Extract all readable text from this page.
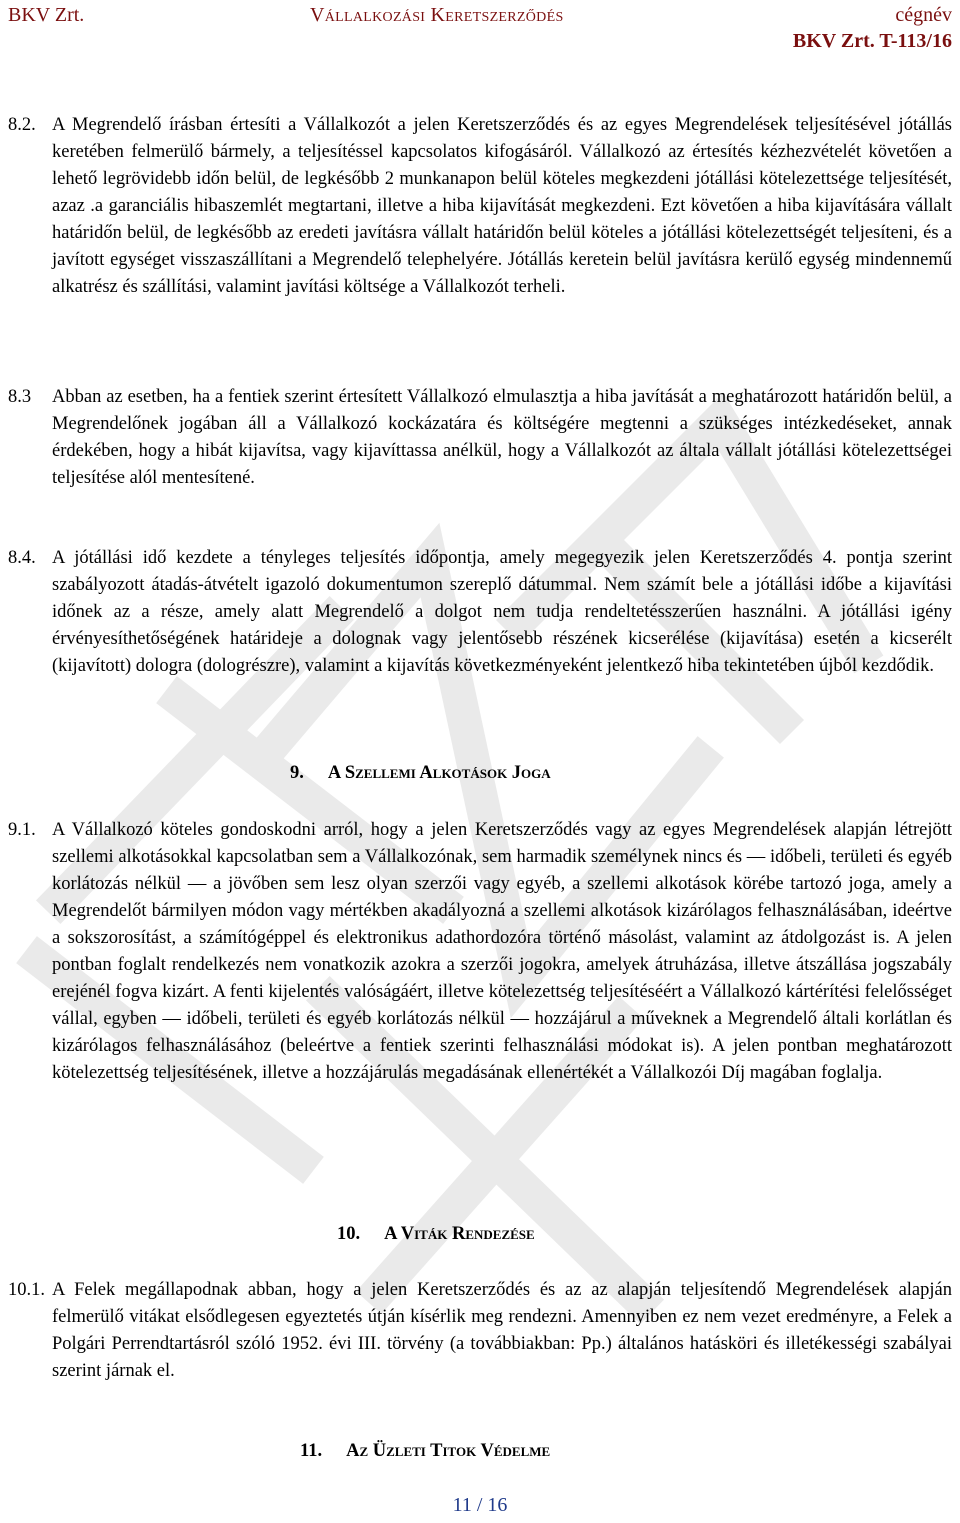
BKV Zrt.	Vállalkozási Keretszerződés	cégnév
BKV Zrt. T-113/16
8.2. A Megrendelő írásban értesíti a Vállalkozót a jelen Keretszerződés és az egyes Megrendelések teljesítésével jótállás keretében felmerülő bármely, a teljesítéssel kapcsolatos kifogásáról. Vállalkozó az értesítés kézhezvételét követően a lehető legrövidebb időn belül, de legkésőbb 2 munkanapon belül köteles megkezdeni jótállási kötelezettsége teljesítését, azaz .a garanciális hibaszemlét megtartani, illetve a hiba kijavítását megkezdeni. Ezt követően a hiba kijavítására vállalt határidőn belül, de legkésőbb az eredeti javításra vállalt határidőn belül köteles a jótállási kötelezettségét teljesíteni, és a javított egységet visszaszállítani a Megrendelő telephelyére. Jótállás keretein belül javításra kerülő egység mindennemű alkatrész és szállítási, valamint javítási költsége a Vállalkozót terheli.
8.3 Abban az esetben, ha a fentiek szerint értesített Vállalkozó elmulasztja a hiba javítását a meghatározott határidőn belül, a Megrendelőnek jogában áll a Vállalkozó kockázatára és költségére megtenni a szükséges intézkedéseket, annak érdekében, hogy a hibát kijavítsa, vagy kijavíttassa anélkül, hogy a Vállalkozót az általa vállalt jótállási kötelezettségei teljesítése alól mentesítené.
8.4. A jótállási idő kezdete a tényleges teljesítés időpontja, amely megegyezik jelen Keretszerződés 4. pontja szerint szabályozott átadás-átvételt igazoló dokumentumon szereplő dátummal. Nem számít bele a jótállási időbe a kijavítási időnek az a része, amely alatt Megrendelő a dolgot nem tudja rendeltetésszerűen használni. A jótállási igény érvényesíthetőségének határideje a dolognak vagy jelentősebb részének kicserélése (kijavítása) esetén a kicserélt (kijavított) dologra (dologrészre), valamint a kijavítás következményeként jelentkező hiba tekintetében újból kezdődik.
9. A Szellemi Alkotások Joga
9.1. A Vállalkozó köteles gondoskodni arról, hogy a jelen Keretszerződés vagy az egyes Megrendelések alapján létrejött szellemi alkotásokkal kapcsolatban sem a Vállalkozónak, sem harmadik személynek nincs és — időbeli, területi és egyéb korlátozás nélkül — a jövőben sem lesz olyan szerzői vagy egyéb, a szellemi alkotások körébe tartozó joga, amely a Megrendelőt bármilyen módon vagy mértékben akadályozná a szellemi alkotások kizárólagos felhasználásában, ideértve a sokszorosítást, a számítógéppel és elektronikus adathordozóra történő másolást, valamint az átdolgozást is. A jelen pontban foglalt rendelkezés nem vonatkozik azokra a szerzői jogokra, amelyek átruházása, illetve átszállása jogszabály erejénél fogva kizárt. A fenti kijelentés valóságáért, illetve kötelezettség teljesítéséért a Vállalkozó kártérítési felelősséget vállal, egyben — időbeli, területi és egyéb korlátozás nélkül — hozzájárul a műveknek a Megrendelő általi korlátlan és kizárólagos felhasználásához (beleértve a fentiek szerinti felhasználási módokat is). A jelen pontban meghatározott kötelezettség teljesítésének, illetve a hozzájárulás megadásának ellenértékét a Vállalkozói Díj magában foglalja.
10. A Viták Rendezése
10.1. A Felek megállapodnak abban, hogy a jelen Keretszerződés és az az alapján teljesítendő Megrendelések alapján felmerülő vitákat elsődlegesen egyeztetés útján kísérlik meg rendezni. Amennyiben ez nem vezet eredményre, a Felek a Polgári Perrendtartásról szóló 1952. évi III. törvény (a továbbiakban: Pp.) általános hatásköri és illetékességi szabályai szerint járnak el.
11. Az Üzleti Titok Védelme
11 / 16
